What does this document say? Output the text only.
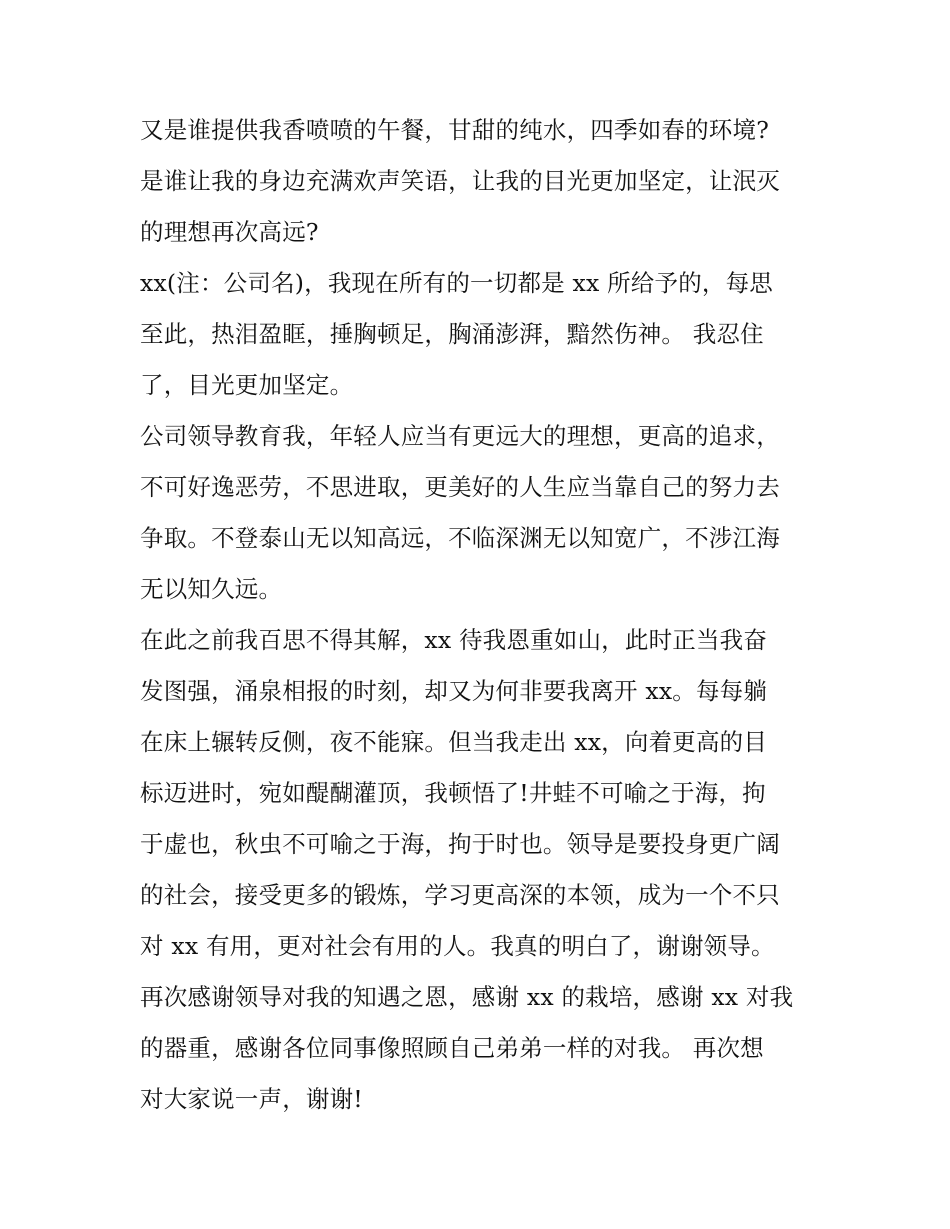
又是谁提供我香喷喷的午餐，甘甜的纯水，四季如春的环境?
是谁让我的身边充满欢声笑语，让我的目光更加坚定，让泯灭
的理想再次高远?
xx(注：公司名)，我现在所有的一切都是 xx 所给予的，每思
至此，热泪盈眶，捶胸顿足，胸涌澎湃，黯然伤神。 我忍住
了，目光更加坚定。
公司领导教育我，年轻人应当有更远大的理想，更高的追求，
不可好逸恶劳，不思进取，更美好的人生应当靠自己的努力去
争取。不登泰山无以知高远，不临深渊无以知宽广，不涉江海
无以知久远。
在此之前我百思不得其解，xx 待我恩重如山，此时正当我奋
发图强，涌泉相报的时刻，却又为何非要我离开 xx。每每躺
在床上辗转反侧，夜不能寐。但当我走出 xx，向着更高的目
标迈进时，宛如醍醐灌顶，我顿悟了!井蛙不可喻之于海，拘
于虚也，秋虫不可喻之于海，拘于时也。领导是要投身更广阔
的社会，接受更多的锻炼，学习更高深的本领，成为一个不只
对 xx 有用，更对社会有用的人。我真的明白了，谢谢领导。
再次感谢领导对我的知遇之恩，感谢 xx 的栽培，感谢 xx 对我
的器重，感谢各位同事像照顾自己弟弟一样的对我。 再次想
对大家说一声，谢谢!
